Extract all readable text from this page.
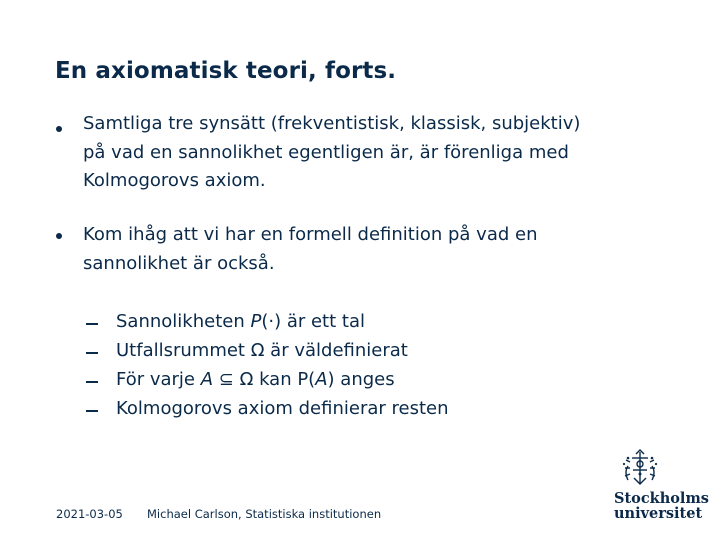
En axiomatisk teori, forts.
Samtliga tre synsätt (frekventistisk, klassisk, subjektiv)
på vad en sannolikhet egentligen är, är förenliga med
Kolmogorovs axiom.
Kom ihåg att vi har en formell definition på vad en
sannolikhet är också.
Sannolikheten P(·) är ett tal
Utfallsrummet Ω är väldefinierat
För varje A ⊆ Ω kan P(A) anges
Kolmogorovs axiom definierar resten
2021-03-05 Michael Carlson, Statistiska institutionen
Stockholms
universitet
